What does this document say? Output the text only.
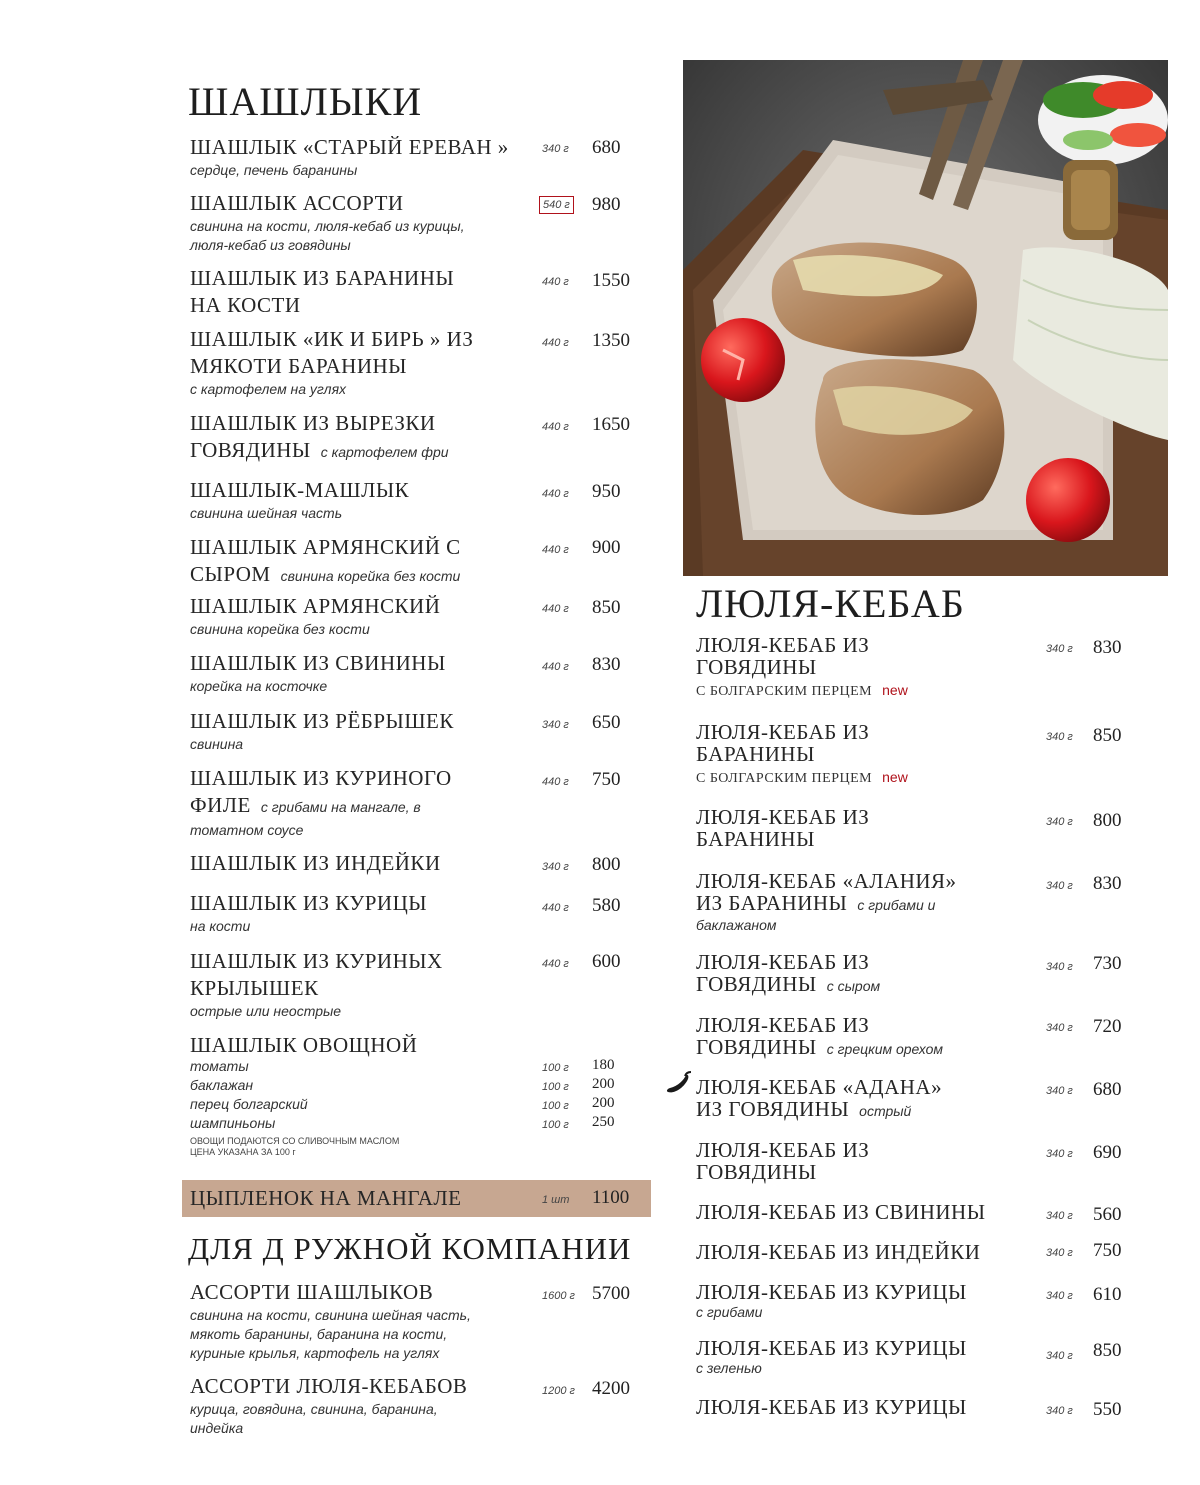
ШАШЛЫКИ
ШАШЛЫК «СТАРЫЙ ЕРЕВАН »
сердце, печень баранины
340 г 680
ШАШЛЫК АССОРТИ
свинина на кости, люля-кебаб из курицы,
люля-кебаб из говядины
540 г 980
ШАШЛЫК ИЗ БАРАНИНЫ
НА КОСТИ
440 г 1550
ШАШЛЫК «ИК И БИРЬ » ИЗ
МЯКОТИ БАРАНИНЫ
с картофелем на углях
440 г 1350
ШАШЛЫК ИЗ ВЫРЕЗКИ
ГОВЯДИНЫ с картофелем фри
440 г 1650
ШАШЛЫК-МАШЛЫК
свинина шейная часть
440 г 950
ШАШЛЫК АРМЯНСКИЙ С
СЫРОМ свинина корейка без кости
440 г 900
ШАШЛЫК АРМЯНСКИЙ
свинина корейка без кости
440 г 850
ШАШЛЫК ИЗ СВИНИНЫ
корейка на косточке
440 г 830
ШАШЛЫК ИЗ РЁБРЫШЕК
свинина
340 г 650
ШАШЛЫК ИЗ КУРИНОГО
ФИЛЕ с грибами на мангале, в
томатном соусе
440 г 750
ШАШЛЫК ИЗ ИНДЕЙКИ	340 г 800
ШАШЛЫК ИЗ КУРИЦЫ
на кости
440 г 580
ШАШЛЫК ИЗ КУРИНЫХ
КРЫЛЫШЕК
острые или неострые
440 г 600
ШАШЛЫК ОВОЩНОЙ
томаты	100 г 180
баклажан	100 г 200
перец болгарский	100 г 200
шампиньоны	100 г 250
ОВОЩИ ПОДАЮТСЯ СО СЛИВОЧНЫМ МАСЛОМ
ЦЕНА УКАЗАНА ЗА 100 г
ЦЫПЛЕНОК НА МАНГАЛЕ	1 шт 1100
ДЛЯ Д РУЖНОЙ КОМПАНИИ
АССОРТИ ШАШЛЫКОВ
свинина на кости, свинина шейная часть,
мякоть баранины, баранина на кости,
куриные крылья, картофель на углях
1600 г 5700
АССОРТИ ЛЮЛЯ-КЕБАБОВ
курица, говядина, свинина, баранина,
индейка
1200 г 4200
ЛЮЛЯ-КЕБАБ
ЛЮЛЯ-КЕБАБ ИЗ
ГОВЯДИНЫ
С БОЛГАРСКИМ ПЕРЦЕМ new
340 г 830
ЛЮЛЯ-КЕБАБ ИЗ
БАРАНИНЫ
С БОЛГАРСКИМ ПЕРЦЕМ new
340 г 850
ЛЮЛЯ-КЕБАБ ИЗ
БАРАНИНЫ
340 г 800
ЛЮЛЯ-КЕБАБ «АЛАНИЯ»
ИЗ БАРАНИНЫ с грибами и
баклажаном
340 г 830
ЛЮЛЯ-КЕБАБ ИЗ
ГОВЯДИНЫ с сыром
340 г 730
ЛЮЛЯ-КЕБАБ ИЗ
ГОВЯДИНЫ с грецким орехом
340 г 720
ЛЮЛЯ-КЕБАБ «АДАНА»
ИЗ ГОВЯДИНЫ острый
340 г 680
ЛЮЛЯ-КЕБАБ ИЗ
ГОВЯДИНЫ
340 г 690
ЛЮЛЯ-КЕБАБ ИЗ СВИНИНЫ	340 г 560
ЛЮЛЯ-КЕБАБ ИЗ ИНДЕЙКИ	340 г 750
ЛЮЛЯ-КЕБАБ ИЗ КУРИЦЫ
с грибами
340 г 610
ЛЮЛЯ-КЕБАБ ИЗ КУРИЦЫ
с зеленью
340 г 850
ЛЮЛЯ-КЕБАБ ИЗ КУРИЦЫ	340 г 550
